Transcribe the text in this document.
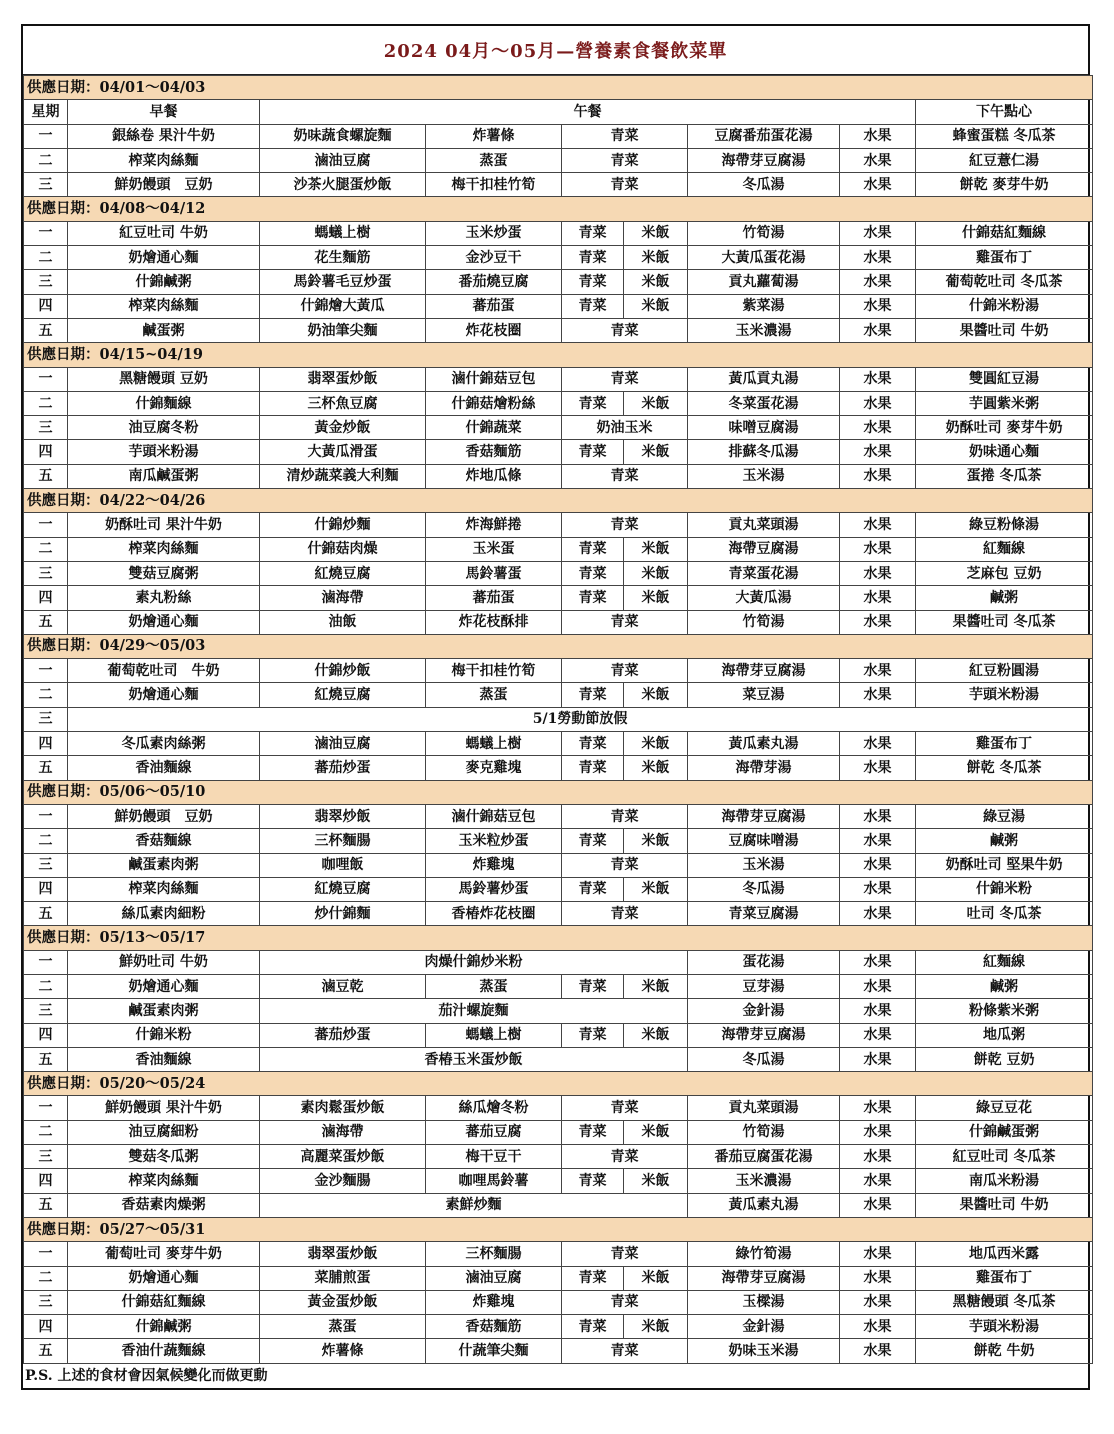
2024 04月～05月—營養素食餐飲菜單
供應日期：04/01～04/03								
星期	早餐	午餐						下午點心
一	銀絲卷 果汁牛奶	奶味蔬食螺旋麵	炸薯條	青菜		豆腐番茄蛋花湯	水果	蜂蜜蛋糕 冬瓜茶
二	榨菜肉絲麵	滷油豆腐	蒸蛋	青菜		海帶芽豆腐湯	水果	紅豆薏仁湯
三	鮮奶饅頭　豆奶	沙茶火腿蛋炒飯	梅干扣桂竹筍	青菜		冬瓜湯	水果	餅乾 麥芽牛奶
供應日期：04/08～04/12								
一	紅豆吐司 牛奶	螞蟻上樹	玉米炒蛋	青菜	米飯	竹筍湯	水果	什錦菇紅麵線
二	奶燴通心麵	花生麵筋	金沙豆干	青菜	米飯	大黃瓜蛋花湯	水果	雞蛋布丁
三	什錦鹹粥	馬鈴薯毛豆炒蛋	番茄燒豆腐	青菜	米飯	貢丸蘿蔔湯	水果	葡萄乾吐司 冬瓜茶
四	榨菜肉絲麵	什錦燴大黃瓜	蕃茄蛋	青菜	米飯	紫菜湯	水果	什錦米粉湯
五	鹹蛋粥	奶油筆尖麵	炸花枝圈	青菜		玉米濃湯	水果	果醬吐司 牛奶
供應日期：04/15~04/19								
一	黑糖饅頭 豆奶	翡翠蛋炒飯	滷什錦菇豆包	青菜		黃瓜貢丸湯	水果	雙圓紅豆湯
二	什錦麵線	三杯魚豆腐	什錦菇燴粉絲	青菜	米飯	冬菜蛋花湯	水果	芋圓紫米粥
三	油豆腐冬粉	黃金炒飯	什錦蔬菜	奶油玉米		味噌豆腐湯	水果	奶酥吐司 麥芽牛奶
四	芋頭米粉湯	大黃瓜滑蛋	香菇麵筋	青菜	米飯	排蘇冬瓜湯	水果	奶味通心麵
五	南瓜鹹蛋粥	清炒蔬菜義大利麵	炸地瓜條	青菜		玉米湯	水果	蛋捲 冬瓜茶
供應日期：04/22～04/26								
一	奶酥吐司 果汁牛奶	什錦炒麵	炸海鮮捲	青菜		貢丸菜頭湯	水果	綠豆粉條湯
二	榨菜肉絲麵	什錦菇肉燥	玉米蛋	青菜	米飯	海帶豆腐湯	水果	紅麵線
三	雙菇豆腐粥	紅燒豆腐	馬鈴薯蛋	青菜	米飯	青菜蛋花湯	水果	芝麻包 豆奶
四	素丸粉絲	滷海帶	蕃茄蛋	青菜	米飯	大黃瓜湯	水果	鹹粥
五	奶燴通心麵	油飯	炸花枝酥排	青菜		竹筍湯	水果	果醬吐司 冬瓜茶
供應日期：04/29～05/03								
一	葡萄乾吐司　牛奶	什錦炒飯	梅干扣桂竹筍	青菜		海帶芽豆腐湯	水果	紅豆粉圓湯
二	奶燴通心麵	紅燒豆腐	蒸蛋	青菜	米飯	菜豆湯	水果	芋頭米粉湯
三	5/1勞動節放假							
四	冬瓜素肉絲粥	滷油豆腐	螞蟻上樹	青菜	米飯	黃瓜素丸湯	水果	雞蛋布丁
五	香油麵線	蕃茄炒蛋	麥克雞塊	青菜	米飯	海帶芽湯	水果	餅乾 冬瓜茶
供應日期：05/06～05/10								
一	鮮奶饅頭　豆奶	翡翠炒飯	滷什錦菇豆包	青菜		海帶芽豆腐湯	水果	綠豆湯
二	香菇麵線	三杯麵腸	玉米粒炒蛋	青菜	米飯	豆腐味噌湯	水果	鹹粥
三	鹹蛋素肉粥	咖哩飯	炸雞塊	青菜		玉米湯	水果	奶酥吐司 堅果牛奶
四	榨菜肉絲麵	紅燒豆腐	馬鈴薯炒蛋	青菜	米飯	冬瓜湯	水果	什錦米粉
五	絲瓜素肉細粉	炒什錦麵	香椿炸花枝圈	青菜		青菜豆腐湯	水果	吐司 冬瓜茶
供應日期：05/13～05/17								
一	鮮奶吐司 牛奶	肉燥什錦炒米粉				蛋花湯	水果	紅麵線
二	奶燴通心麵	滷豆乾	蒸蛋	青菜	米飯	豆芽湯	水果	鹹粥
三	鹹蛋素肉粥	茄汁螺旋麵				金針湯	水果	粉條紫米粥
四	什錦米粉	蕃茄炒蛋	螞蟻上樹	青菜	米飯	海帶芽豆腐湯	水果	地瓜粥
五	香油麵線	香椿玉米蛋炒飯				冬瓜湯	水果	餅乾 豆奶
供應日期：05/20～05/24								
一	鮮奶饅頭 果汁牛奶	素肉鬆蛋炒飯	絲瓜燴冬粉	青菜		貢丸菜頭湯	水果	綠豆豆花
二	油豆腐細粉	滷海帶	蕃茄豆腐	青菜	米飯	竹筍湯	水果	什錦鹹蛋粥
三	雙菇冬瓜粥	高麗菜蛋炒飯	梅干豆干	青菜		番茄豆腐蛋花湯	水果	紅豆吐司 冬瓜茶
四	榨菜肉絲麵	金沙麵腸	咖哩馬鈴薯	青菜	米飯	玉米濃湯	水果	南瓜米粉湯
五	香菇素肉燥粥	素鮮炒麵				黃瓜素丸湯	水果	果醬吐司 牛奶
供應日期：05/27～05/31								
一	葡萄吐司 麥芽牛奶	翡翠蛋炒飯	三杯麵腸	青菜		綠竹筍湯	水果	地瓜西米露
二	奶燴通心麵	菜脯煎蛋	滷油豆腐	青菜	米飯	海帶芽豆腐湯	水果	雞蛋布丁
三	什錦菇紅麵線	黃金蛋炒飯	炸雞塊	青菜		玉樑湯	水果	黑糖饅頭 冬瓜茶
四	什錦鹹粥	蒸蛋	香菇麵筋	青菜	米飯	金針湯	水果	芋頭米粉湯
五	香油什蔬麵線	炸薯條	什蔬筆尖麵	青菜		奶味玉米湯	水果	餅乾 牛奶
P.S. 上述的食材會因氣候變化而做更動
